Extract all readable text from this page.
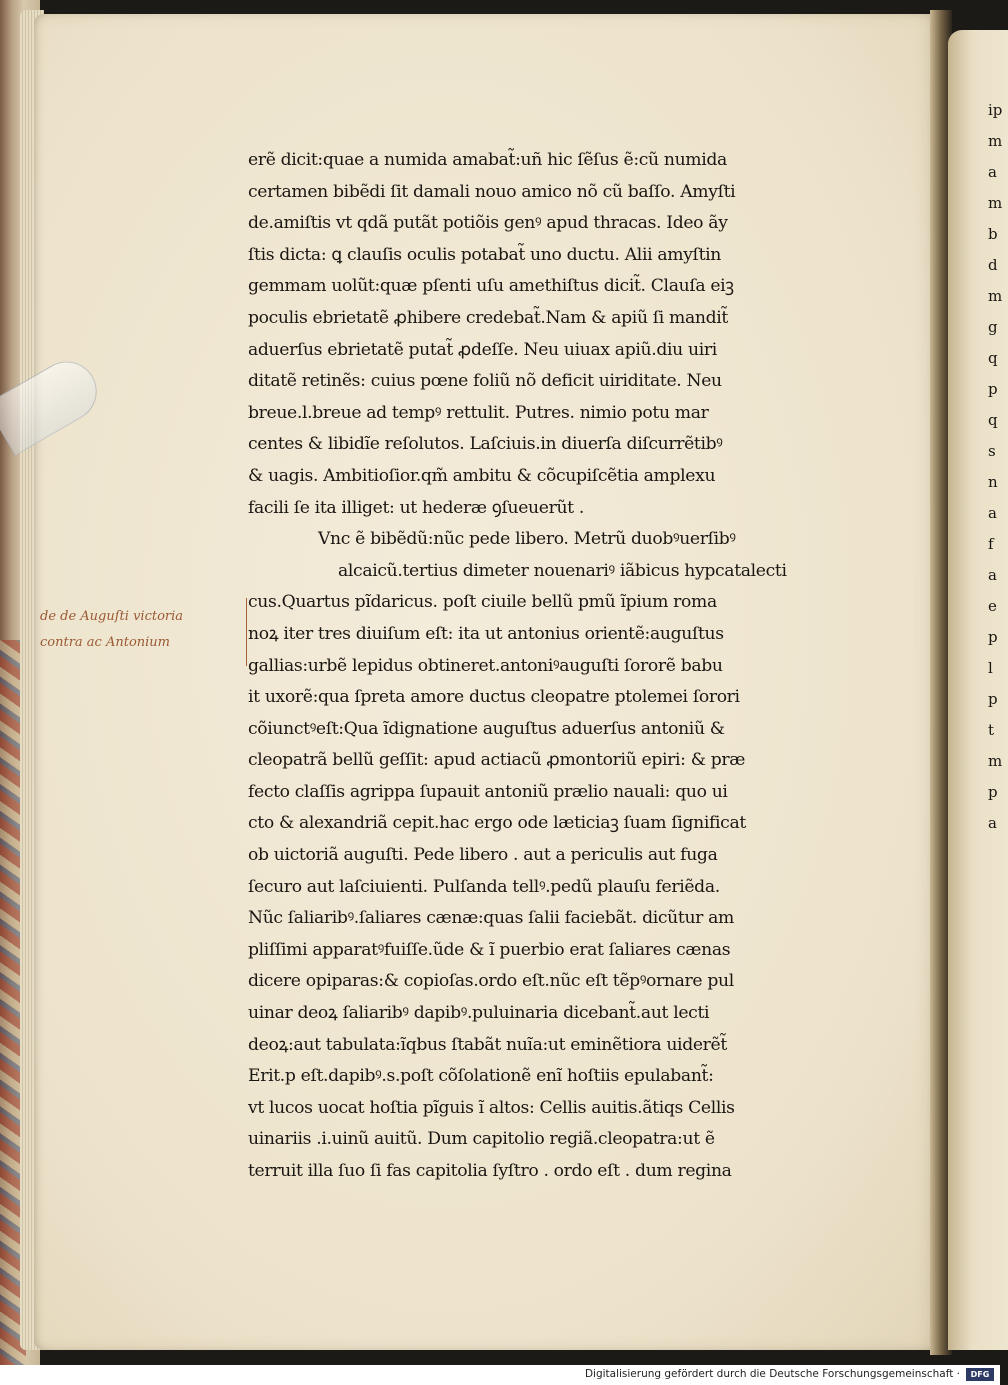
erẽ dicit:quae a numida amabat̃:uñ hic ſẽſus ẽ:cũ numida
certamen bibẽdi ſit damali nouo amico nõ cũ baſſo. Amyſti
de.amiſtis vt qdã putãt potiõis genꝰ apud thracas. Ideo ãy
ſtis dicta: ꝗ clauſis oculis potabat̃ uno ductu. Alii amyſtin
gemmam uolũt:quæ pſenti uſu amethiſtus dicit̃. Clauſa eiꝫ
poculis ebrietatẽ ꝓhibere credebat̃.Nam & apiũ ſi mandit̃
aduerſus ebrietatẽ putat̃ ꝓdeſſe. Neu uiuax apiũ.diu uiri
ditatẽ retinẽs: cuius pœne foliũ nõ deficit uiriditate. Neu
breue.l.breue ad tempꝰ rettulit. Putres. nimio potu mar
centes & libidĩe reſolutos. Laſciuis.in diuerſa diſcurrẽtibꝰ
& uagis. Ambitioſior.qm̃ ambitu & cõcupiſcẽtia amplexu
facili ſe ita illiget: ut hederæ ꝯſueuerũt .
Vnc ẽ bibẽdũ:nũc pede libero. Metrũ duobꝰuerſibꝰ
alcaicũ.tertius dimeter nouenariꝰ iãbicus hypcatalecti
cus.Quartus pĩdaricus. poſt ciuile bellũ pmũ ĩpium roma
noꝝ iter tres diuiſum eſt: ita ut antonius orientẽ:auguſtus
gallias:urbẽ lepidus obtineret.antoniꝰauguſti ſororẽ babu
it uxorẽ:qua ſpreta amore ductus cleopatre ptolemei ſorori
cõiunctꝰeſt:Qua ĩdignatione auguſtus aduerſus antoniũ &
cleopatrã bellũ geſſit: apud actiacũ ꝓmontoriũ epiri: & præ
fecto claſſis agrippa ſupauit antoniũ prælio nauali: quo ui
cto & alexandriã cepit.hac ergo ode læticiaꝫ ſuam ſignificat
ob uictoriã auguſti. Pede libero . aut a periculis aut fuga
ſecuro aut laſciuienti. Pulſanda tellꝰ.pedũ plauſu feriẽda.
Nũc ſaliaribꝰ.ſaliares cænæ:quas ſalii faciebãt. dicũtur am
pliſſimi apparatꝰfuiſſe.ũde & ĩ puerbio erat ſaliares cænas
dicere opiparas:& copioſas.ordo eſt.nũc eſt tẽpꝰornare pul
uinar deoꝝ ſaliaribꝰ dapibꝰ.puluinaria dicebant̃.aut lecti
deoꝝ:aut tabulata:ĩqbus ſtabãt nuĩa:ut eminẽtiora uiderẽt̃
Erit.p eſt.dapibꝰ.s.poſt cõſolationẽ enĩ hoſtiis epulabant̃:
vt lucos uocat hoſtia pĩguis ĩ altos: Cellis auitis.ãtiqs Cellis
uinariis .i.uinũ auitũ. Dum capitolio regiã.cleopatra:ut ẽ
terruit illa ſuo ſi fas capitolia ſyſtro . ordo eſt . dum regina
de de Auguſti victoria
contra ac Antonium
ip
m
a
m
b
d
m
g
q
p
q
s
n
a
f
a
e
p
l
p
t
m
p
a
Digitalisierung gefördert durch die Deutsche Forschungsgemeinschaft ·	DFG
